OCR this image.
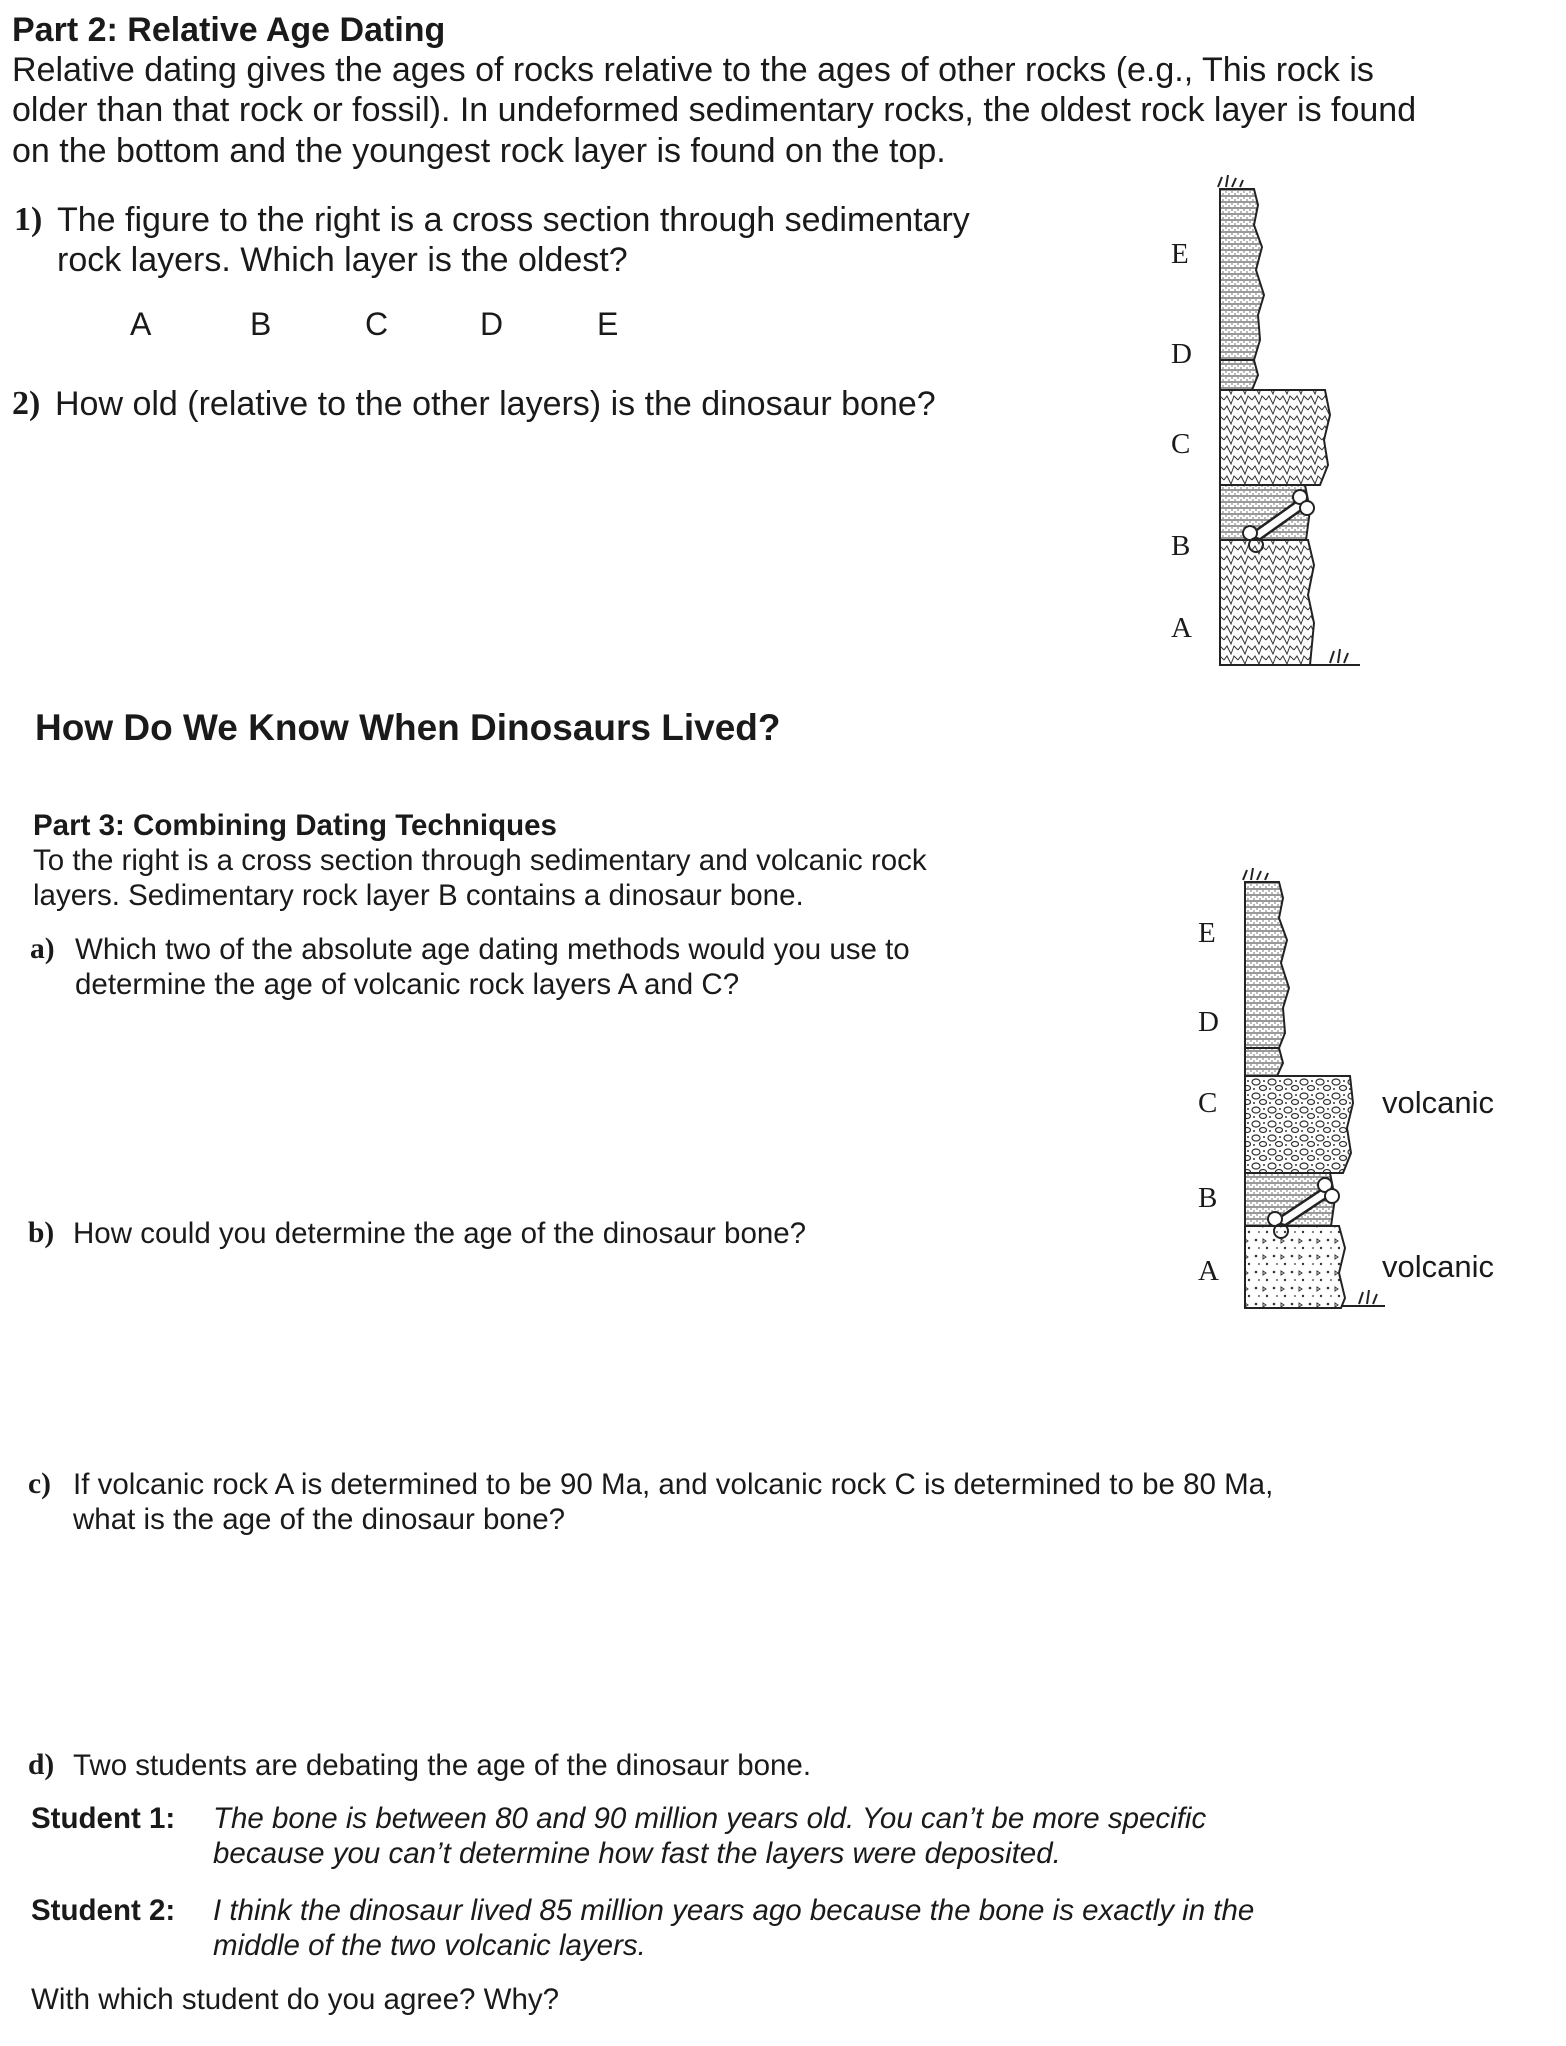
Part 2: Relative Age Dating
Relative dating gives the ages of rocks relative to the ages of other rocks (e.g., This rock is
older than that rock or fossil). In undeformed sedimentary rocks, the oldest rock layer is found
on the bottom and the youngest rock layer is found on the top.
1) The figure to the right is a cross section through sedimentary
rock layers. Which layer is the oldest?
A	B	C	D	E
2) How old (relative to the other layers) is the dinosaur bone?
E
D
C
B
A
How Do We Know When Dinosaurs Lived?
Part 3: Combining Dating Techniques
To the right is a cross section through sedimentary and volcanic rock
layers. Sedimentary rock layer B contains a dinosaur bone.
a) Which two of the absolute age dating methods would you use to
determine the age of volcanic rock layers A and C?
b) How could you determine the age of the dinosaur bone?
E
D
C
B
A
volcanic
volcanic
c) If volcanic rock A is determined to be 90 Ma, and volcanic rock C is determined to be 80 Ma,
what is the age of the dinosaur bone?
d) Two students are debating the age of the dinosaur bone.
Student 1: The bone is between 80 and 90 million years old. You can’t be more specific
because you can’t determine how fast the layers were deposited.
Student 2: I think the dinosaur lived 85 million years ago because the bone is exactly in the
middle of the two volcanic layers.
With which student do you agree? Why?
